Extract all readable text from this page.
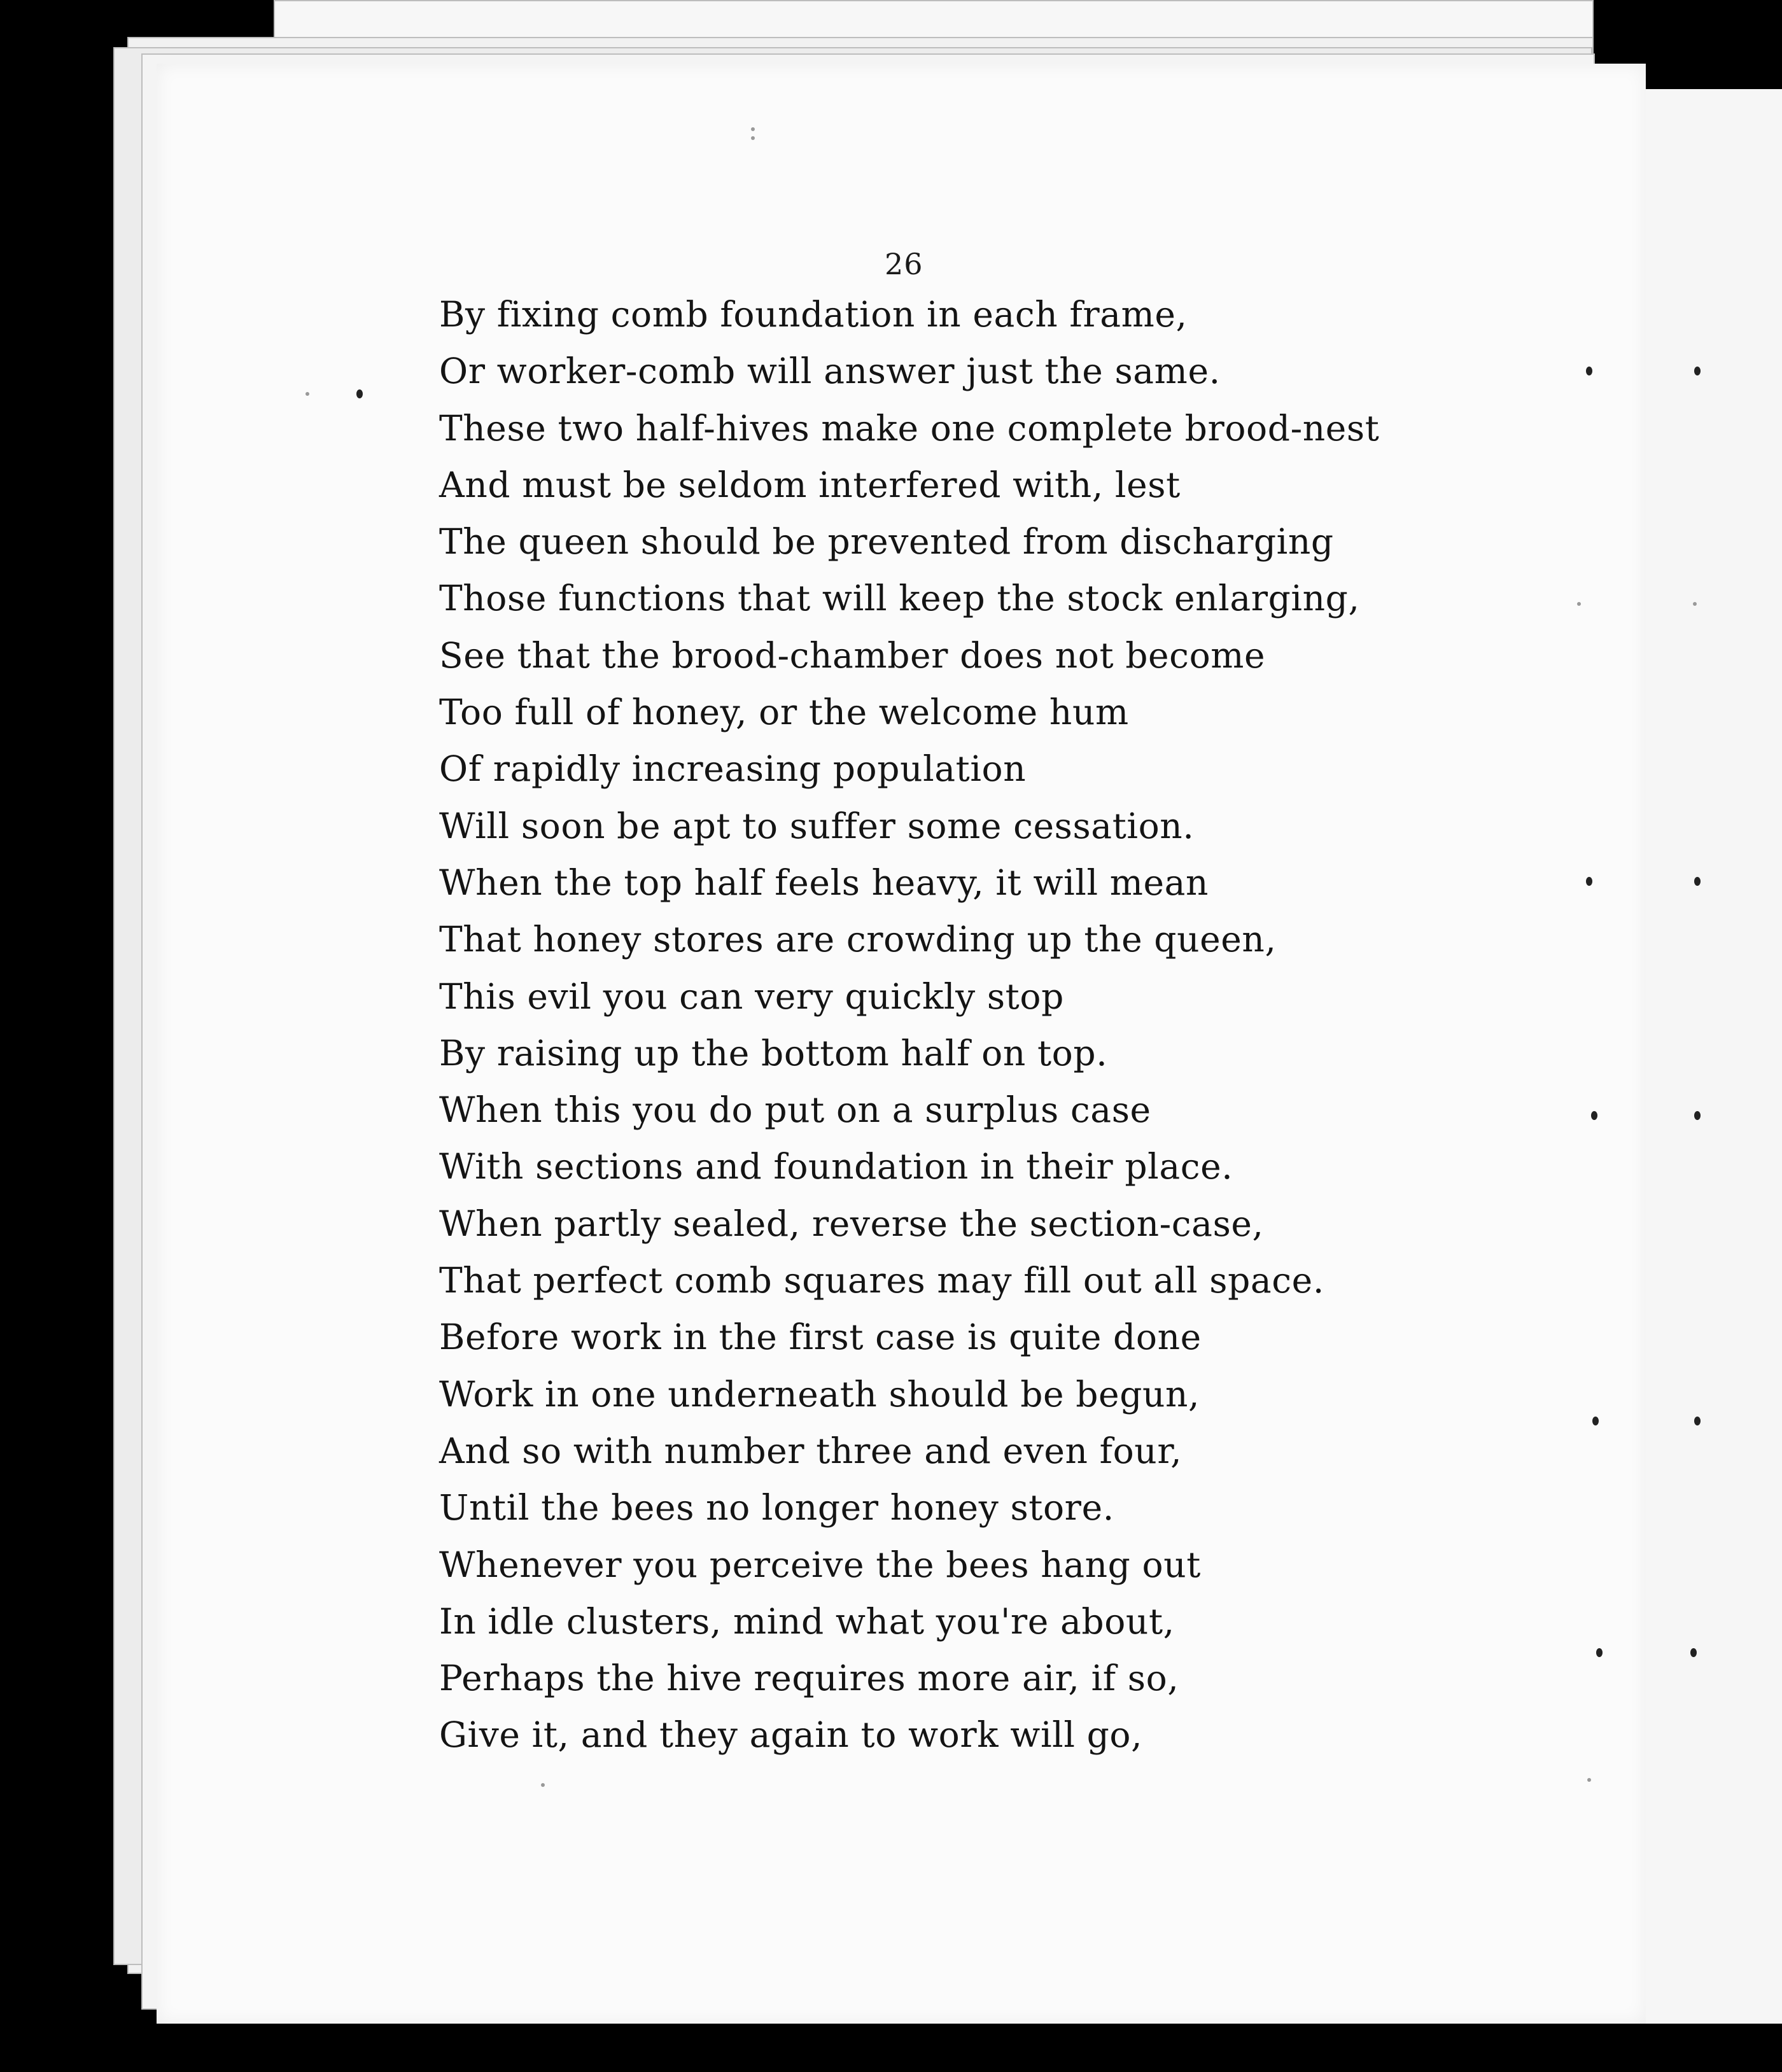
26
By fixing comb foundation in each frame,
Or worker-comb will answer just the same.
These two half-hives make one complete brood-nest
And must be seldom interfered with, lest
The queen should be prevented from discharging
Those functions that will keep the stock enlarging,
See that the brood-chamber does not become
Too full of honey, or the welcome hum
Of rapidly increasing population
Will soon be apt to suffer some cessation.
When the top half feels heavy, it will mean
That honey stores are crowding up the queen,
This evil you can very quickly stop
By raising up the bottom half on top.
When this you do put on a surplus case
With sections and foundation in their place.
When partly sealed, reverse the section-case,
That perfect comb squares may fill out all space.
Before work in the first case is quite done
Work in one underneath should be begun,
And so with number three and even four,
Until the bees no longer honey store.
Whenever you perceive the bees hang out
In idle clusters, mind what you're about,
Perhaps the hive requires more air, if so,
Give it, and they again to work will go,
